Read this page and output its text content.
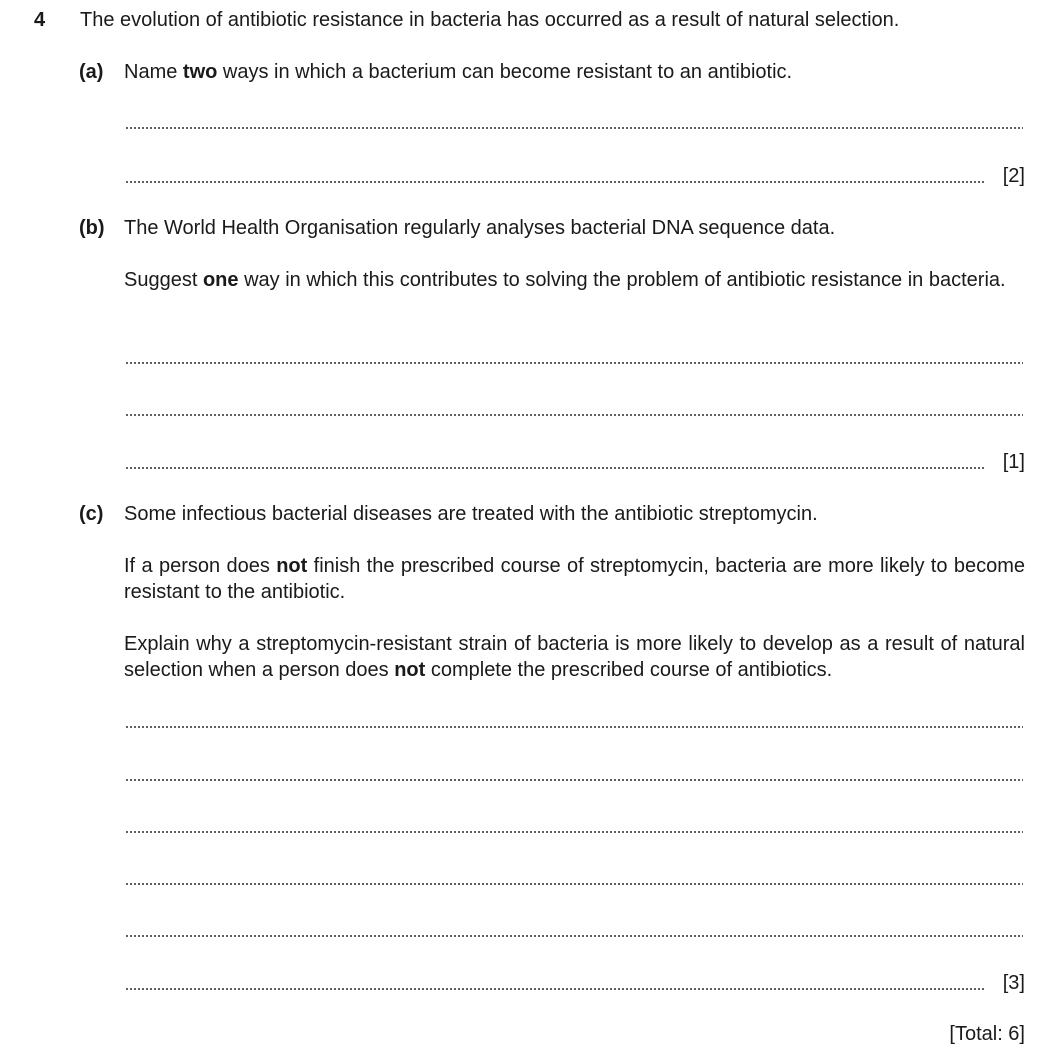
4 The evolution of antibiotic resistance in bacteria has occurred as a result of natural selection.
(a) Name two ways in which a bacterium can become resistant to an antibiotic.
[2]
(b) The World Health Organisation regularly analyses bacterial DNA sequence data.
Suggest one way in which this contributes to solving the problem of antibiotic resistance in bacteria.
[1]
(c) Some infectious bacterial diseases are treated with the antibiotic streptomycin.
If a person does not finish the prescribed course of streptomycin, bacteria are more likely to become resistant to the antibiotic.
Explain why a streptomycin-resistant strain of bacteria is more likely to develop as a result of natural selection when a person does not complete the prescribed course of antibiotics.
[3]
[Total: 6]
